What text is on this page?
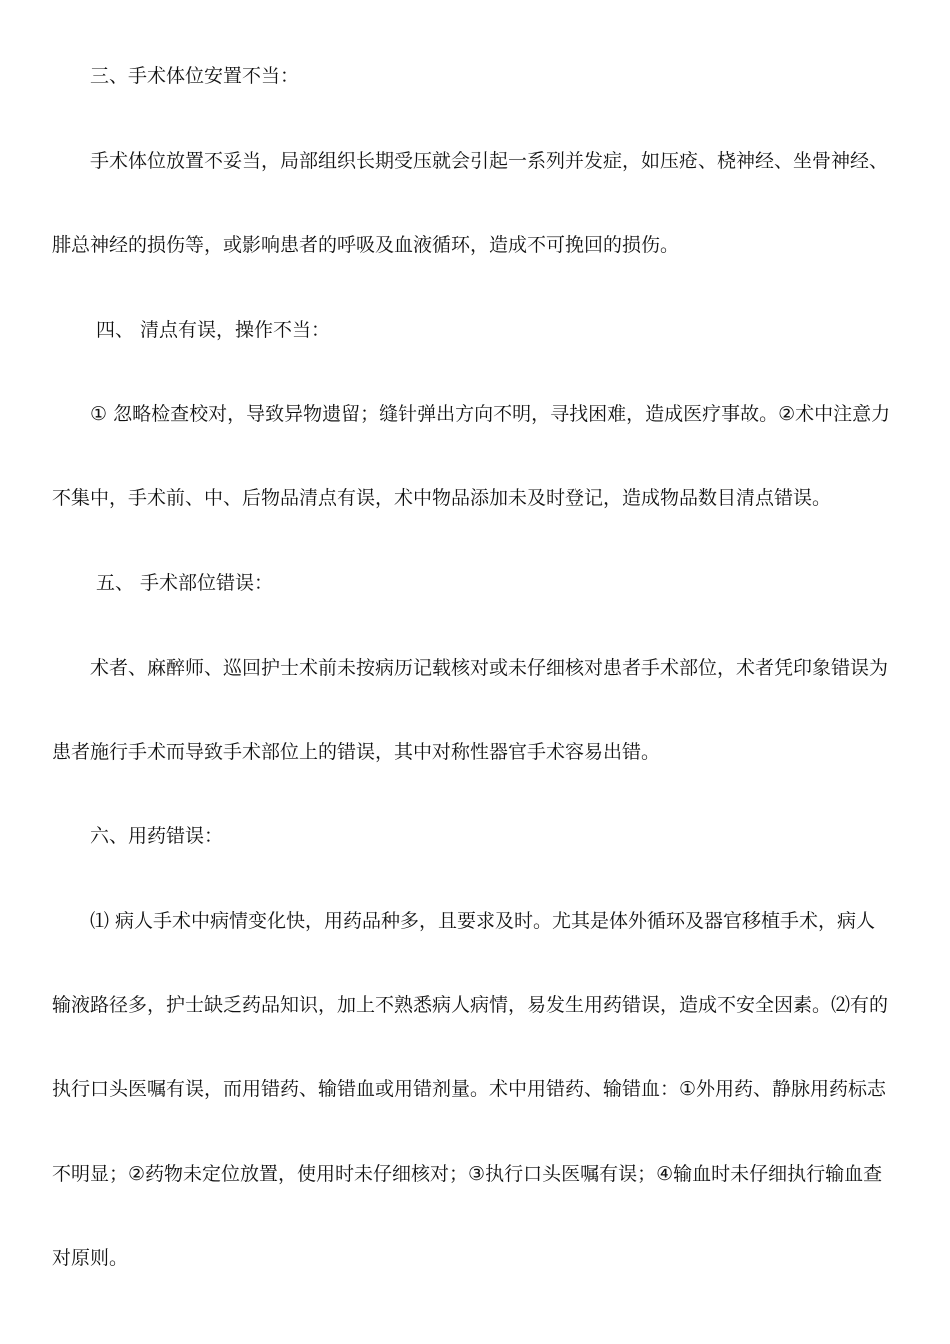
三、手术体位安置不当：
手术体位放置不妥当，局部组织长期受压就会引起一系列并发症，如压疮、桡神经、坐骨神经、
腓总神经的损伤等，或影响患者的呼吸及血液循环，造成不可挽回的损伤。
四、 清点有误，操作不当：
① 忽略检查校对，导致异物遗留；缝针弹出方向不明，寻找困难，造成医疗事故。②术中注意力
不集中，手术前、中、后物品清点有误，术中物品添加未及时登记，造成物品数目清点错误。
五、 手术部位错误：
术者、麻醉师、巡回护士术前未按病历记载核对或未仔细核对患者手术部位，术者凭印象错误为
患者施行手术而导致手术部位上的错误，其中对称性器官手术容易出错。
六、用药错误：
⑴ 病人手术中病情变化快，用药品种多，且要求及时。尤其是体外循环及器官移植手术，病人
输液路径多，护士缺乏药品知识，加上不熟悉病人病情，易发生用药错误，造成不安全因素。⑵有的
执行口头医嘱有误，而用错药、输错血或用错剂量。术中用错药、输错血：①外用药、静脉用药标志
不明显；②药物未定位放置，使用时未仔细核对；③执行口头医嘱有误；④输血时未仔细执行输血查
对原则。
